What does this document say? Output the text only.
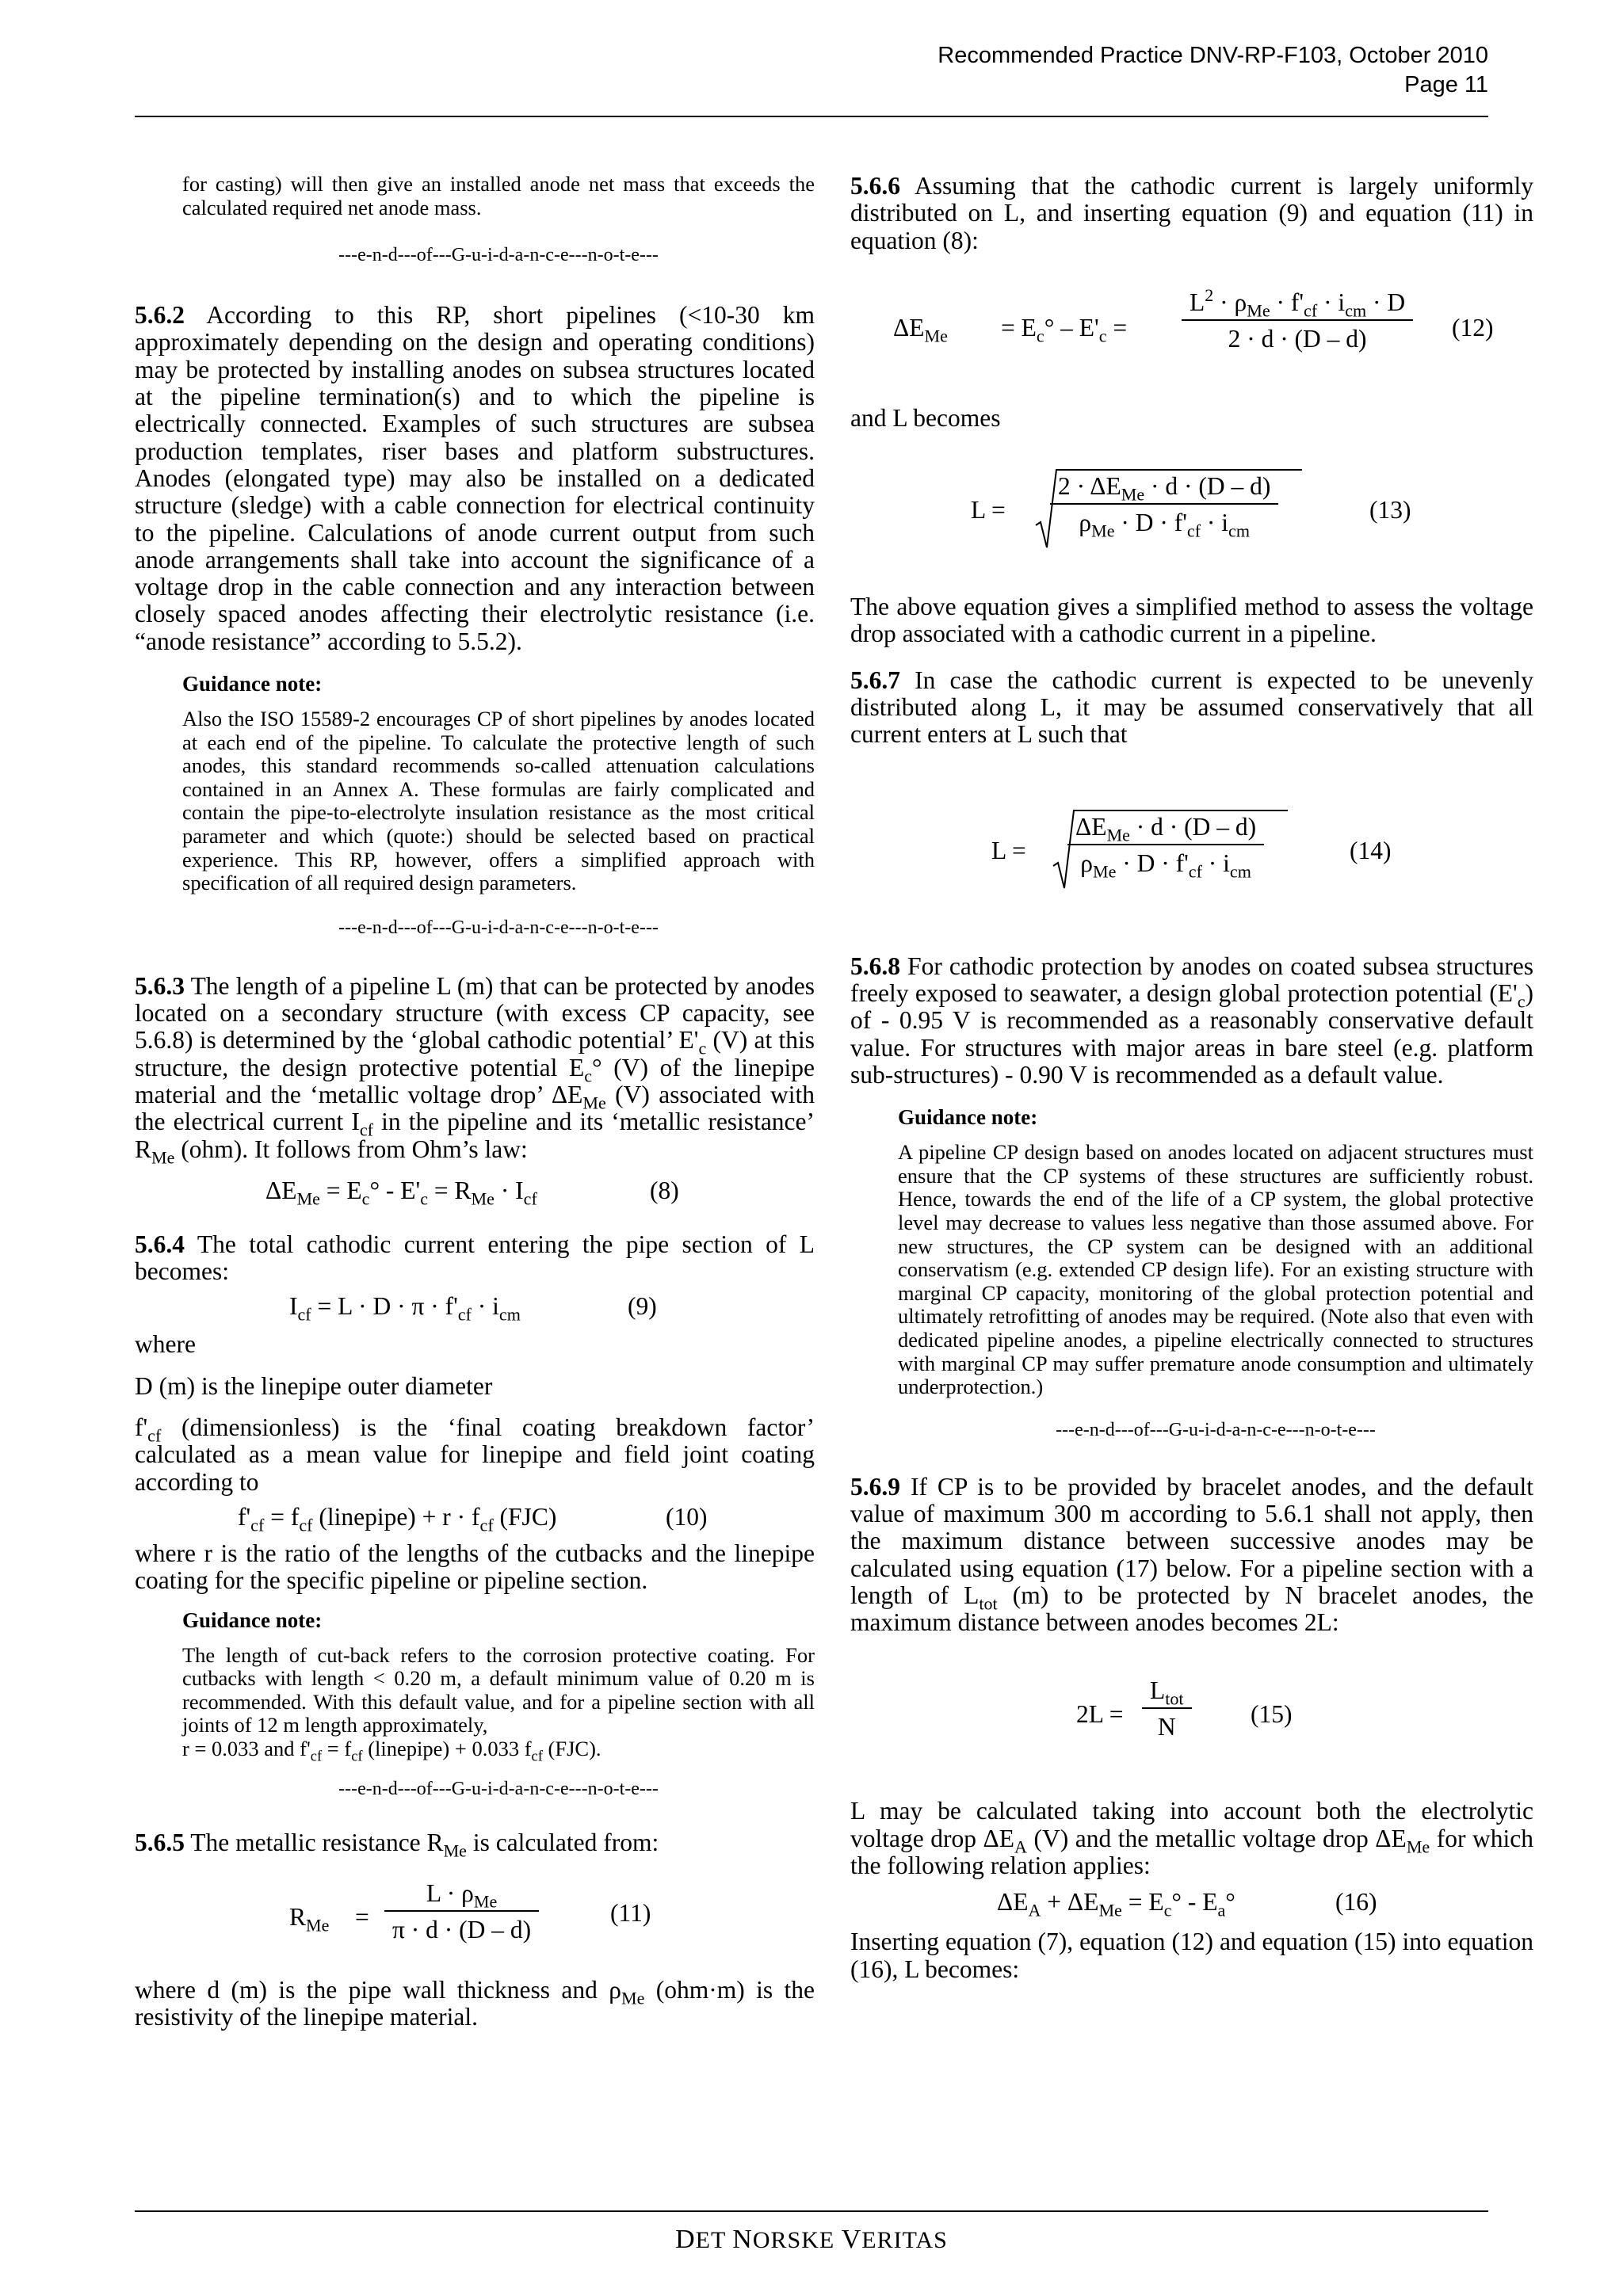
Recommended Practice DNV-RP-F103, October 2010
Page 11

for casting) will then give an installed anode net mass that exceeds the calculated required net anode mass.

---e-n-d---of---G-u-i-d-a-n-c-e---n-o-t-e---

5.6.2 According to this RP, short pipelines (<10-30 km approximately depending on the design and operating conditions) may be protected by installing anodes on subsea structures located at the pipeline termination(s) and to which the pipeline is electrically connected. Examples of such structures are subsea production templates, riser bases and platform substructures. Anodes (elongated type) may also be installed on a dedicated structure (sledge) with a cable connection for electrical continuity to the pipeline. Calculations of anode current output from such anode arrangements shall take into account the significance of a voltage drop in the cable connection and any interaction between closely spaced anodes affecting their electrolytic resistance (i.e. “anode resistance” according to 5.5.2).

Guidance note:

Also the ISO 15589-2 encourages CP of short pipelines by anodes located at each end of the pipeline. To calculate the protective length of such anodes, this standard recommends so-called attenuation calculations contained in an Annex A. These formulas are fairly complicated and contain the pipe-to-electrolyte insulation resistance as the most critical parameter and which (quote:) should be selected based on practical experience. This RP, however, offers a simplified approach with specification of all required design parameters.

---e-n-d---of---G-u-i-d-a-n-c-e---n-o-t-e---

5.6.3 The length of a pipeline L (m) that can be protected by anodes located on a secondary structure (with excess CP capacity, see 5.6.8) is determined by the ‘global cathodic potential’ $E'_c$ (V) at this structure, the design protective potential $E_c^\circ$ (V) of the linepipe material and the ‘metallic voltage drop’ $\Delta E_{Me}$ (V) associated with the electrical current $I_{cf}$ in the pipeline and its ‘metallic resistance’ $R_{Me}$ (ohm). It follows from Ohm’s law:

$\Delta E_{Me} = E_c^\circ - E'_c = R_{Me} \cdot I_{cf}$	(8)

5.6.4 The total cathodic current entering the pipe section of L becomes:

$I_{cf} = L \cdot D \cdot \pi \cdot f'_{cf} \cdot i_{cm}$	(9)

where

D (m) is the linepipe outer diameter

$f'_{cf}$ (dimensionless) is the ‘final coating breakdown factor’ calculated as a mean value for linepipe and field joint coating according to

$f'_{cf} = f_{cf}$ (linepipe) + $r \cdot f_{cf}$ (FJC)	(10)

where r is the ratio of the lengths of the cutbacks and the linepipe coating for the specific pipeline or pipeline section.

Guidance note:

The length of cut-back refers to the corrosion protective coating. For cutbacks with length < 0.20 m, a default minimum value of 0.20 m is recommended. With this default value, and for a pipeline section with all joints of 12 m length approximately,

r = 0.033 and $f'_{cf} = f_{cf}$ (linepipe) + 0.033 $f_{cf}$ (FJC).

---e-n-d---of---G-u-i-d-a-n-c-e---n-o-t-e---

5.6.5 The metallic resistance $R_{Me}$ is calculated from:

$R_{Me} = \frac{L \cdot \rho_{Me}}{\pi \cdot d \cdot (D - d)}$	(11)

where d (m) is the pipe wall thickness and $\rho_{Me}$ (ohm·m) is the resistivity of the linepipe material.

5.6.6 Assuming that the cathodic current is largely uniformly distributed on L, and inserting equation (9) and equation (11) in equation (8):

$\Delta E_{Me} = E_c^\circ - E'_c = \frac{L^2 \cdot \rho_{Me} \cdot f'_{cf} \cdot i_{cm} \cdot D}{2 \cdot d \cdot (D - d)} (12)$

and L becomes

$L = \frac{2 \cdot \Delta E_{Me} \cdot d \cdot (D - d)}{\rho_{Me} \cdot D \cdot f'_{cf} \cdot i_{cm}}$	(13)

The above equation gives a simplified method to assess the voltage drop associated with a cathodic current in a pipeline.

5.6.7 In case the cathodic current is expected to be unevenly distributed along L, it may be assumed conservatively that all current enters at L such that

$L = \frac{\Delta E_{Me} \cdot d \cdot (D - d)}{\rho_{Me} \cdot D \cdot f'_{cf} \cdot i_{cm}}$	(14)

5.6.8 For cathodic protection by anodes on coated subsea structures freely exposed to seawater, a design global protection potential $(E'_c)$ of - 0.95 V is recommended as a reasonably conservative default value. For structures with major areas in bare steel (e.g. platform sub-structures) - 0.90 V is recommended as a default value.

Guidance note:

A pipeline CP design based on anodes located on adjacent structures must ensure that the CP systems of these structures are sufficiently robust. Hence, towards the end of the life of a CP system, the global protective level may decrease to values less negative than those assumed above. For new structures, the CP system can be designed with an additional conservatism (e.g. extended CP design life). For an existing structure with marginal CP capacity, monitoring of the global protection potential and ultimately retrofitting of anodes may be required. (Note also that even with dedicated pipeline anodes, a pipeline electrically connected to structures with marginal CP may suffer premature anode consumption and ultimately underprotection.)

---e-n-d---of---G-u-i-d-a-n-c-e---n-o-t-e---

5.6.9 If CP is to be provided by bracelet anodes, and the default value of maximum 300 m according to 5.6.1 shall not apply, then the maximum distance between successive anodes may be calculated using equation (17) below. For a pipeline section with a length of $L_{tot}$ (m) to be protected by N bracelet anodes, the maximum distance between anodes becomes 2L:

$2L = \frac{L_{tot}}{N} (15)$

L may be calculated taking into account both the electrolytic voltage drop $\Delta E_A$ (V) and the metallic voltage drop $\Delta E_{Me}$ for which the following relation applies:

$\Delta E_A + \Delta E_{Me} = E_c^\circ - E_a^\circ$	(16)

Inserting equation (7), equation (12) and equation (15) into equation (16), L becomes:

DET NORSKE VERITAS
